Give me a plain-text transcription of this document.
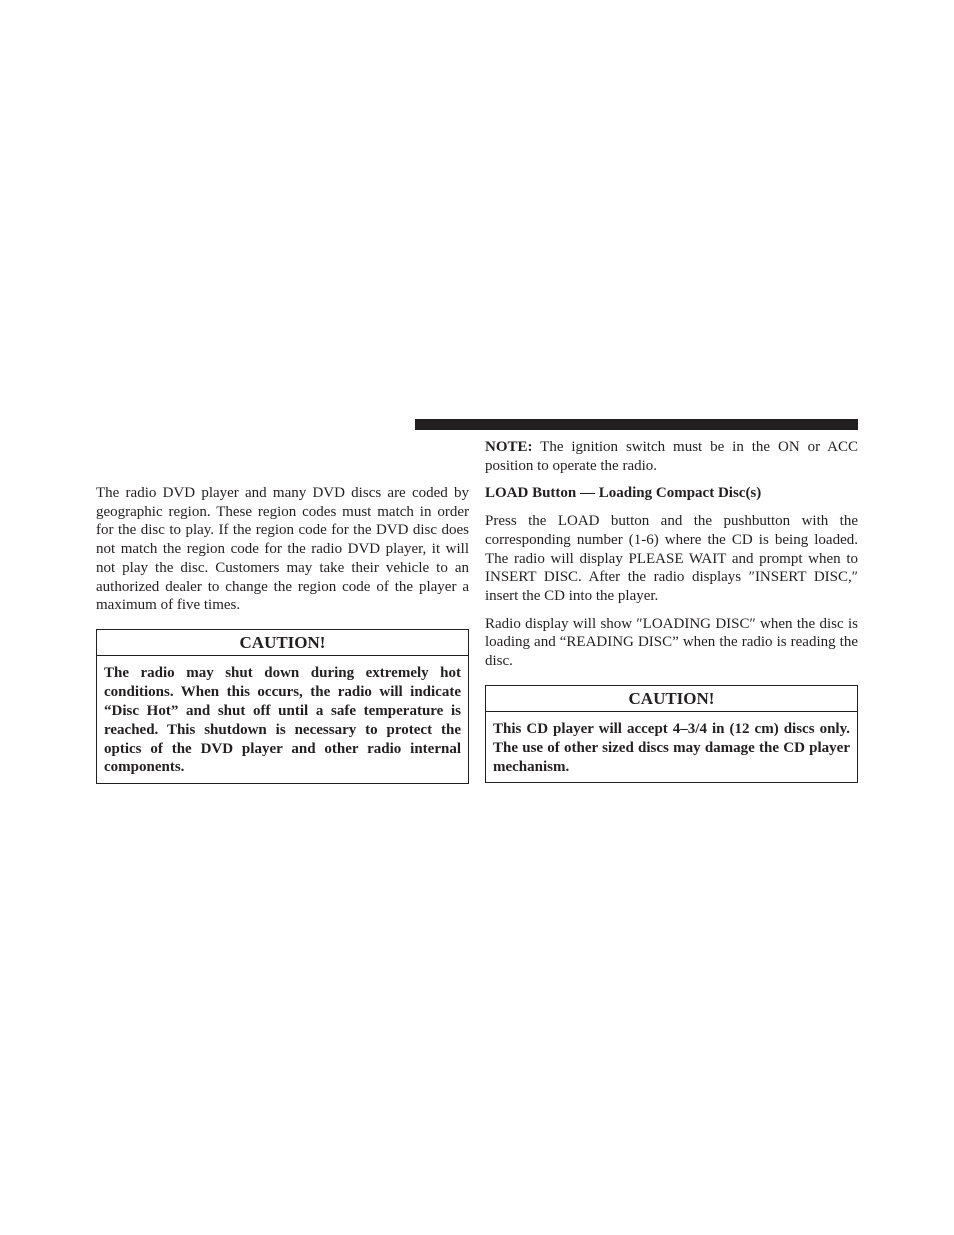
The radio DVD player and many DVD discs are coded by geographic region. These region codes must match in order for the disc to play. If the region code for the DVD disc does not match the region code for the radio DVD player, it will not play the disc. Customers may take their vehicle to an authorized dealer to change the region code of the player a maximum of five times.

CAUTION!
The radio may shut down during extremely hot conditions. When this occurs, the radio will indicate “Disc Hot” and shut off until a safe temperature is reached. This shutdown is necessary to protect the optics of the DVD player and other radio internal components.

NOTE: The ignition switch must be in the ON or ACC position to operate the radio.

LOAD Button — Loading Compact Disc(s)

Press the LOAD button and the pushbutton with the corresponding number (1-6) where the CD is being loaded. The radio will display PLEASE WAIT and prompt when to INSERT DISC. After the radio displays ″INSERT DISC,″ insert the CD into the player.

Radio display will show ″LOADING DISC″ when the disc is loading and “READING DISC” when the radio is reading the disc.

CAUTION!
This CD player will accept 4–3/4 in (12 cm) discs only. The use of other sized discs may damage the CD player mechanism.
